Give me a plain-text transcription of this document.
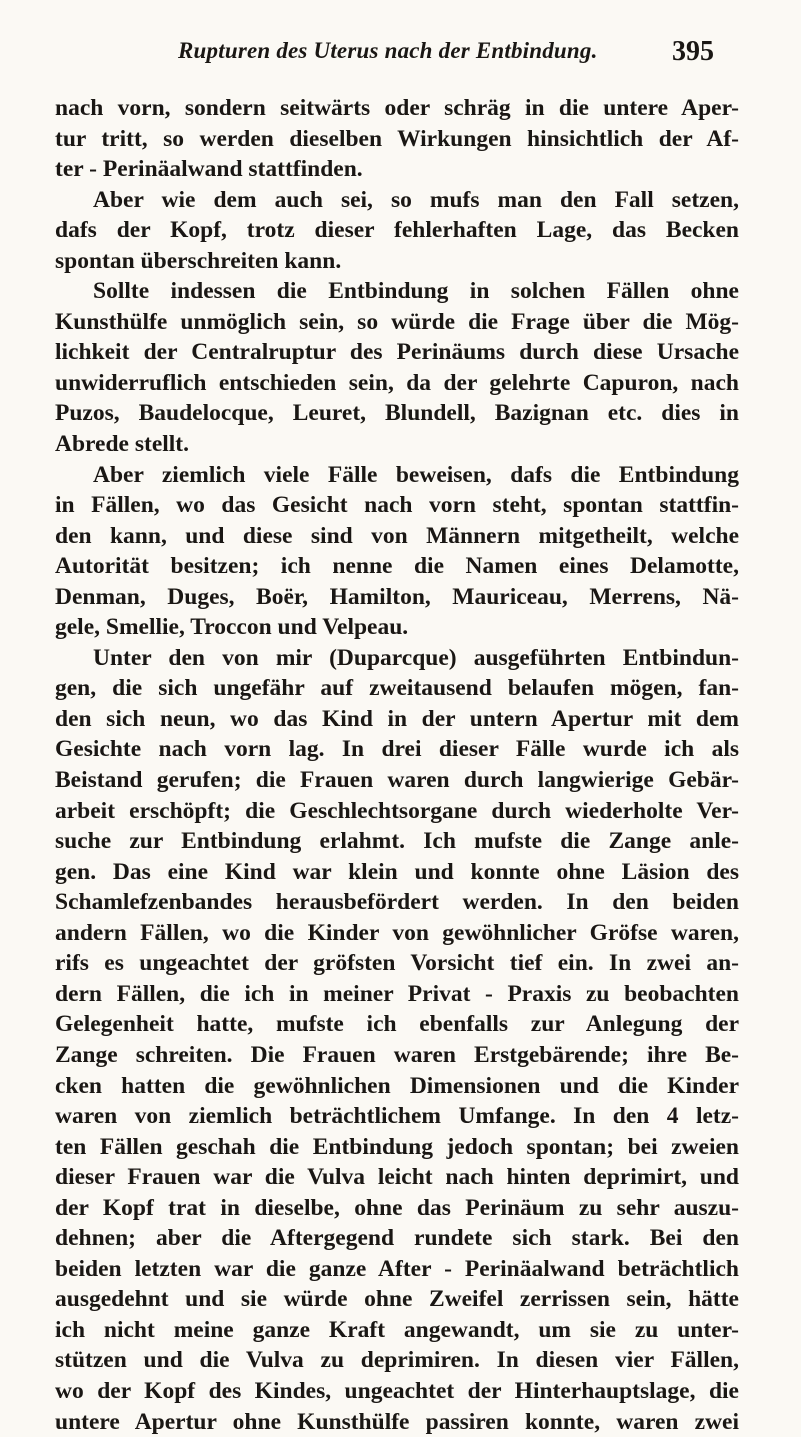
Rupturen des Uterus nach der Entbindung.	395
nach vorn, sondern seitwärts oder schräg in die untere Aper-
tur tritt, so werden dieselben Wirkungen hinsichtlich der Af-
ter - Perinäalwand stattfinden.
Aber wie dem auch sei, so mufs man den Fall setzen,
dafs der Kopf, trotz dieser fehlerhaften Lage, das Becken
spontan überschreiten kann.
Sollte indessen die Entbindung in solchen Fällen ohne
Kunsthülfe unmöglich sein, so würde die Frage über die Mög-
lichkeit der Centralruptur des Perinäums durch diese Ursache
unwiderruflich entschieden sein, da der gelehrte Capuron, nach
Puzos, Baudelocque, Leuret, Blundell, Bazignan etc. dies in
Abrede stellt.
Aber ziemlich viele Fälle beweisen, dafs die Entbindung
in Fällen, wo das Gesicht nach vorn steht, spontan stattfin-
den kann, und diese sind von Männern mitgetheilt, welche
Autorität besitzen; ich nenne die Namen eines Delamotte,
Denman, Duges, Boër, Hamilton, Mauriceau, Merrens, Nä-
gele, Smellie, Troccon und Velpeau.
Unter den von mir (Duparcque) ausgeführten Entbindun-
gen, die sich ungefähr auf zweitausend belaufen mögen, fan-
den sich neun, wo das Kind in der untern Apertur mit dem
Gesichte nach vorn lag. In drei dieser Fälle wurde ich als
Beistand gerufen; die Frauen waren durch langwierige Gebär-
arbeit erschöpft; die Geschlechtsorgane durch wiederholte Ver-
suche zur Entbindung erlahmt. Ich mufste die Zange anle-
gen. Das eine Kind war klein und konnte ohne Läsion des
Schamlefzenbandes herausbefördert werden. In den beiden
andern Fällen, wo die Kinder von gewöhnlicher Gröfse waren,
rifs es ungeachtet der gröfsten Vorsicht tief ein. In zwei an-
dern Fällen, die ich in meiner Privat - Praxis zu beobachten
Gelegenheit hatte, mufste ich ebenfalls zur Anlegung der
Zange schreiten. Die Frauen waren Erstgebärende; ihre Be-
cken hatten die gewöhnlichen Dimensionen und die Kinder
waren von ziemlich beträchtlichem Umfange. In den 4 letz-
ten Fällen geschah die Entbindung jedoch spontan; bei zweien
dieser Frauen war die Vulva leicht nach hinten deprimirt, und
der Kopf trat in dieselbe, ohne das Perinäum zu sehr auszu-
dehnen; aber die Aftergegend rundete sich stark. Bei den
beiden letzten war die ganze After - Perinäalwand beträchtlich
ausgedehnt und sie würde ohne Zweifel zerrissen sein, hätte
ich nicht meine ganze Kraft angewandt, um sie zu unter-
stützen und die Vulva zu deprimiren. In diesen vier Fällen,
wo der Kopf des Kindes, ungeachtet der Hinterhauptslage, die
untere Apertur ohne Kunsthülfe passiren konnte, waren zwei
